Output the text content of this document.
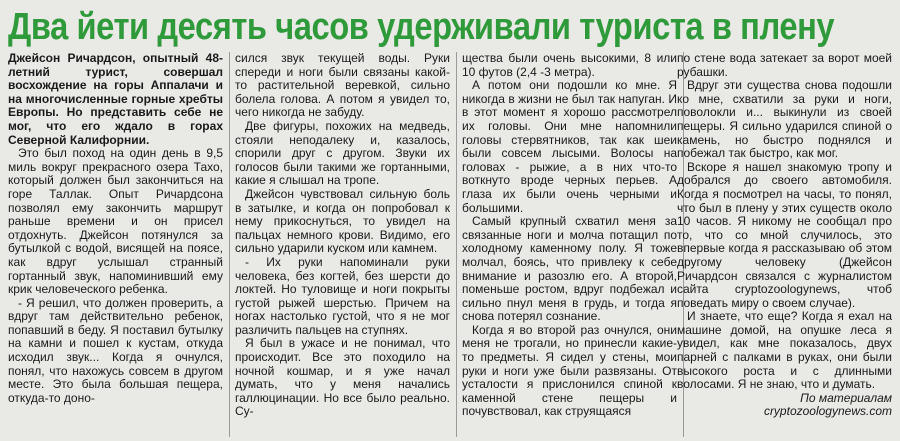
Два йети десять часов удерживали туриста в плену

Джейсон Ричардсон, опытный 48-летний турист, совершал восхождение на горы Аппалачи и на многочисленные горные хребты Европы. Но представить себе не мог, что его ждало в горах Северной Калифорнии.

Это был поход на один день в 9,5 миль вокруг прекрасного озера Тахо, который должен был закончиться на горе Таллак. Опыт Ричардсона позволял ему закончить маршрут раньше времени и он присел отдохнуть. Джейсон потянулся за бутылкой с водой, висящей на поясе, как вдруг услышал странный гортанный звук, напоминивший ему крик человеческого ребенка.

- Я решил, что должен проверить, а вдруг там действительно ребенок, попавший в беду. Я поставил бутылку на камни и пошел к кустам, откуда исходил звук... Когда я очнулся, понял, что нахожусь совсем в другом месте. Это была большая пещера, откуда-то доно-

сился звук текущей воды. Руки спереди и ноги были связаны какой-то растительной веревкой, сильно болела голова. А потом я увидел то, чего никогда не забуду.

Две фигуры, похожих на медведь, стояли неподалеку и, казалось, спорили друг с другом. Звуки их голосов были такими же гортанными, какие я слышал на тропе.

Джейсон чувствовал сильную боль в затылке, и когда он попробовал к нему прикоснуться, то увидел на пальцах немного крови. Видимо, его сильно ударили куском или камнем.

- Их руки напоминали руки человека, без когтей, без шерсти до локтей. Но туловище и ноги покрыты густой рыжей шерстью. Причем на ногах настолько густой, что я не мог различить пальцев на ступнях.

Я был в ужасе и не понимал, что происходит. Все это походило на ночной кошмар, и я уже начал думать, что у меня начались галлюцинации. Но все было реально. Су-

щества были очень высокими, 8 или 10 футов (2,4 -3 метра).

А потом они подошли ко мне. Я никогда в жизни не был так напуган. И в этот момент я хорошо рассмотрел их головы. Они мне напомнили головы стервятников, так как шеи были совсем лысыми. Волосы на головах - рыжие, а в них что-то воткнуто вроде черных перьев. А глаза их были очень черными и большими.

Самый крупный схватил меня за связанные ноги и молча потащил по холодному каменному полу. Я тоже молчал, боясь, что привлеку к себе внимание и разозлю его. А второй, поменьше ростом, вдруг подбежал и сильно пнул меня в грудь, и тогда я снова потерял сознание.

Когда я во второй раз очнулся, они меня не трогали, но принесли какие-то предметы. Я сидел у стены, мои руки и ноги уже были развязаны. От усталости я прислонился спиной к каменной стене пещеры и почувствовал, как струящаяся

по стене вода затекает за ворот моей рубашки.

Вдруг эти существа снова подошли ко мне, схватили за руки и ноги, поволокли и... выкинули из своей пещеры. Я сильно ударился спиной о камень, но быстро поднялся и побежал так быстро, как мог.

Вскоре я нашел знакомую тропу и добрался до своего автомобиля. Когда я посмотрел на часы, то понял, что был в плену у этих существ около 10 часов. Я никому не сообщал про то, что со мной случилось, это впервые когда я рассказываю об этом другому человеку (Джейсон Ричардсон связался с журналистом сайта cryptozoologynews, чтоб поведать миру о своем случае).

И знаете, что еще? Когда я ехал на машине домой, на опушке леса я увидел, как мне показалось, двух парней с палками в руках, они были высокого роста и с длинными волосами. Я не знаю, что и думать.

По материалам

cryptozoologynews.com
